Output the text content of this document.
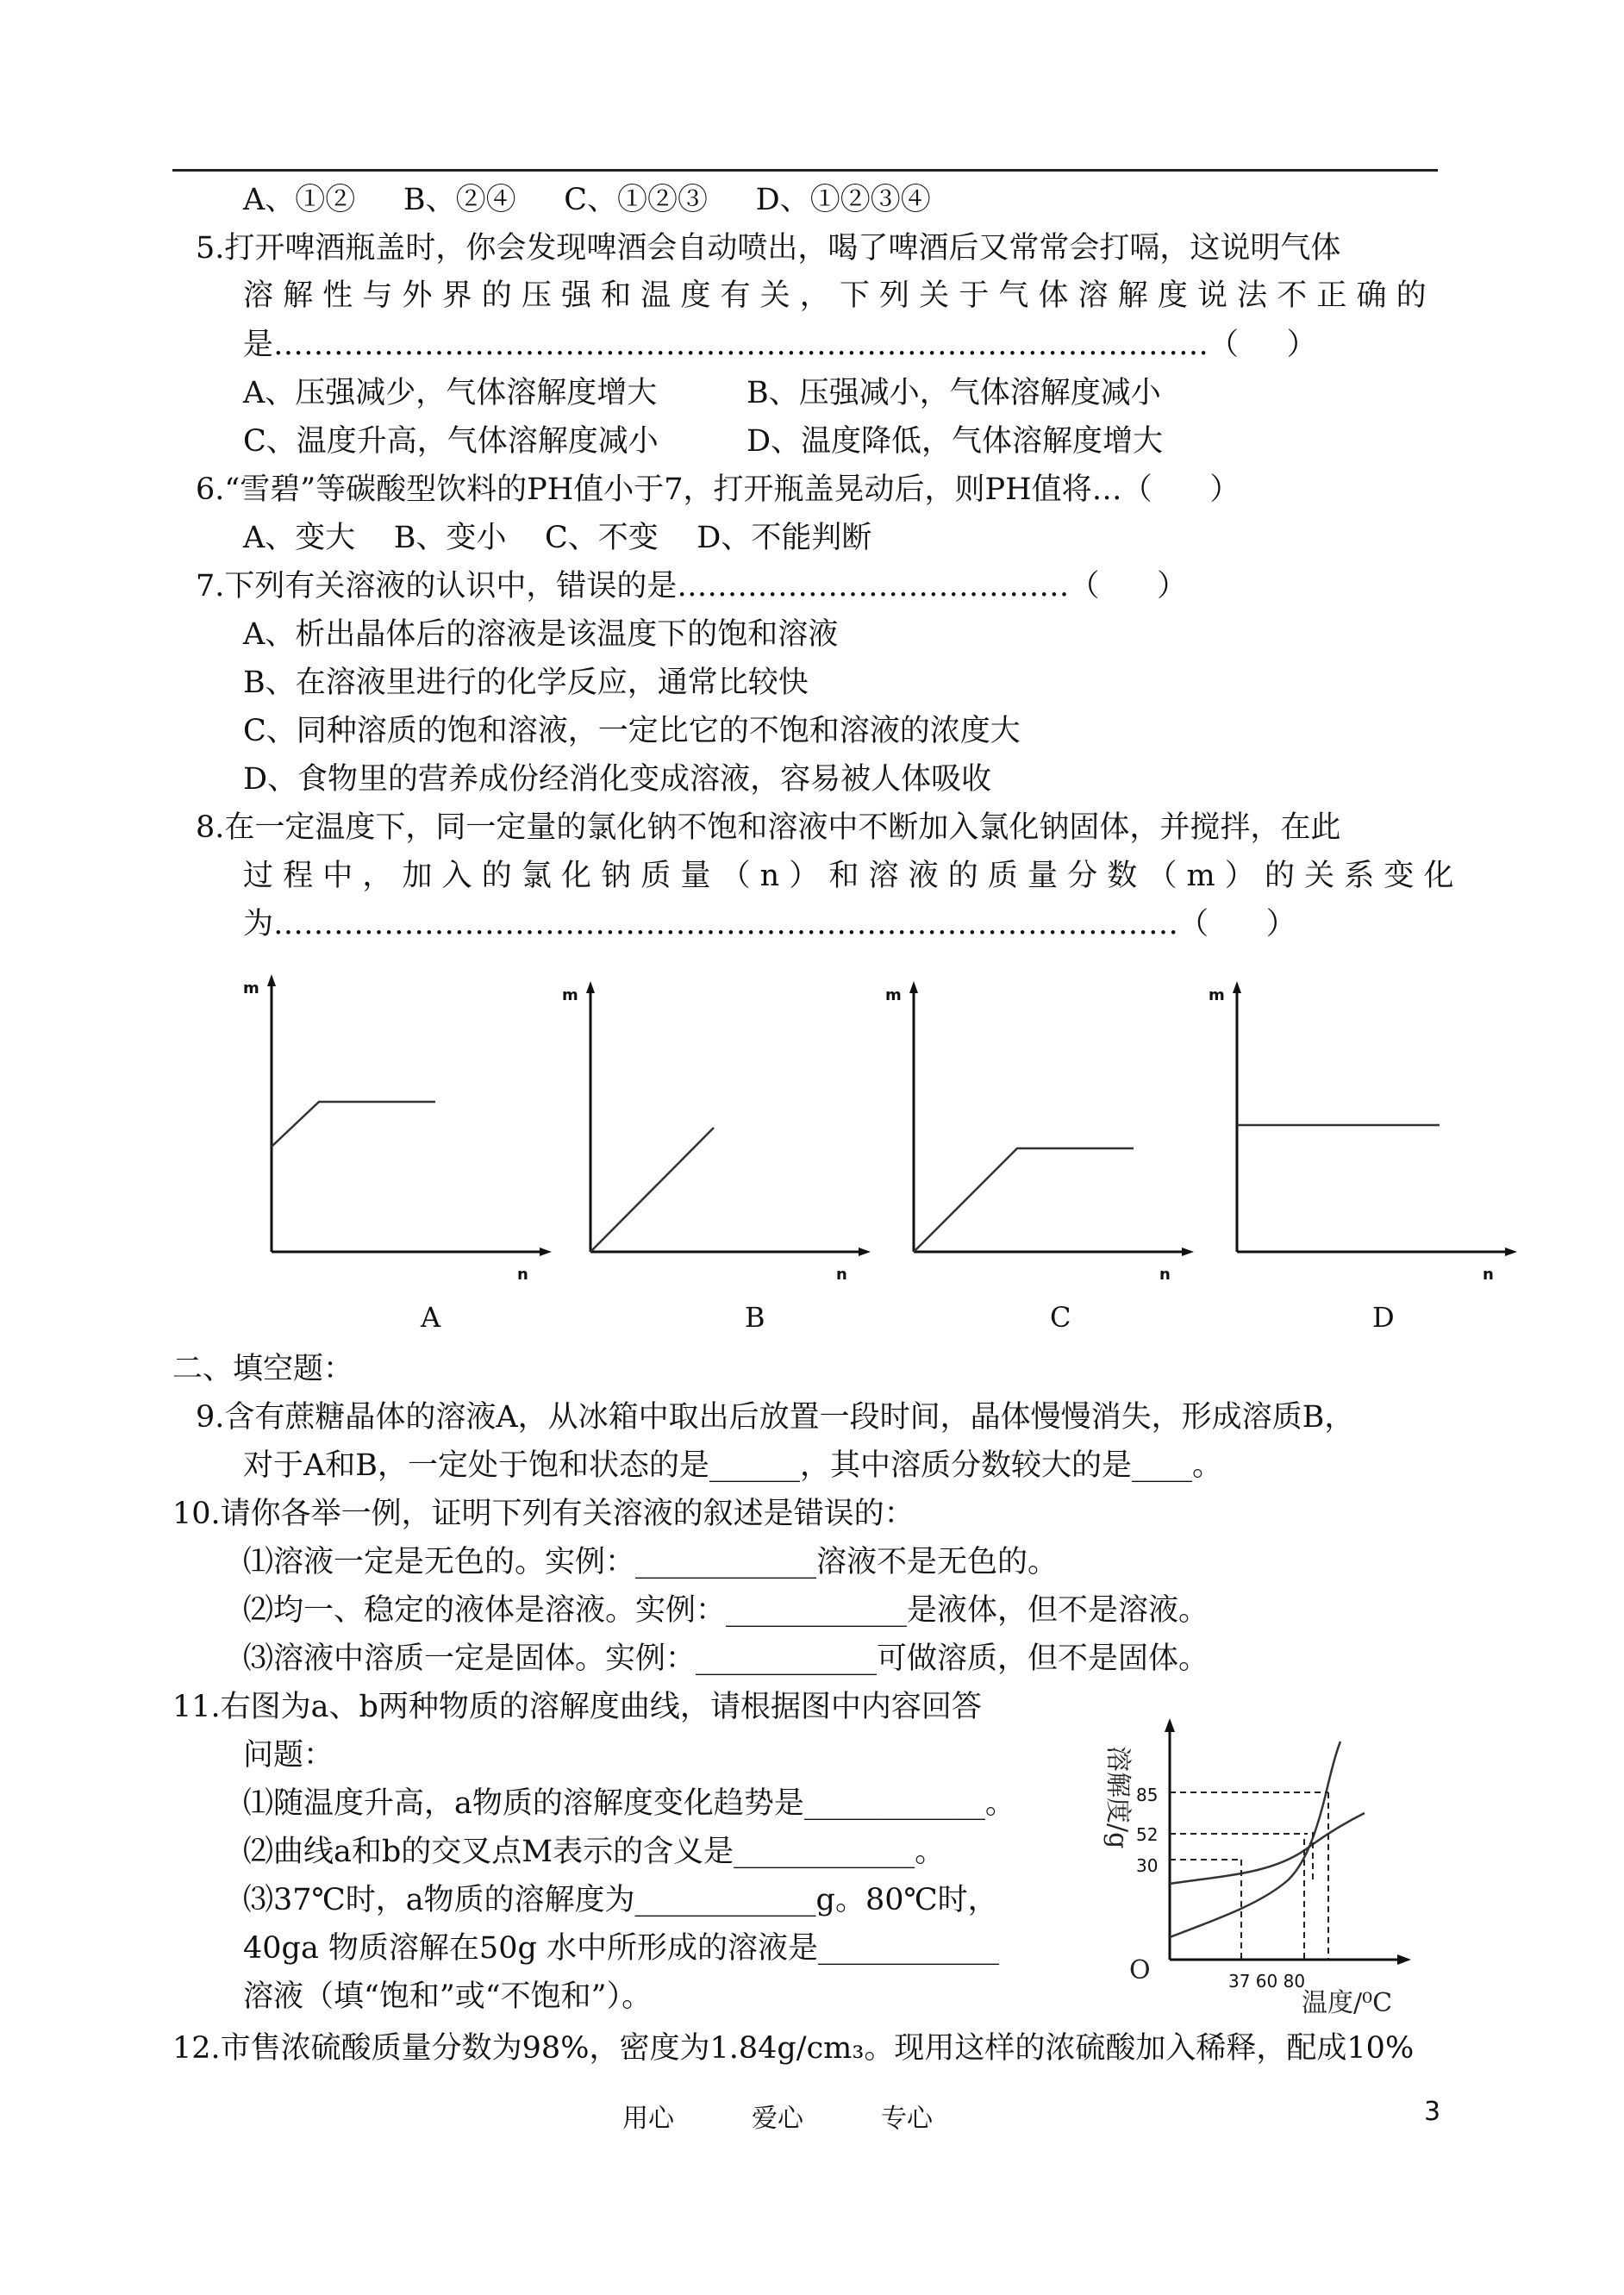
A、①②     B、②④     C、①②③     D、①②③④
5.打开啤酒瓶盖时，你会发现啤酒会自动喷出，喝了啤酒后又常常会打嗝，这说明气体
溶 解 性 与 外 界 的 压 强 和 温 度 有 关 ， 下 列 关 于 气 体 溶 解 度 说 法 不 正 确 的
是…………………………………………………………………………………（     ）
A、压强减少，气体溶解度增大	B、压强减小，气体溶解度减小
C、温度升高，气体溶解度减小	D、温度降低，气体溶解度增大
6.“雪碧”等碳酸型饮料的PH值小于7，打开瓶盖晃动后，则PH值将…（      ）
A、变大    B、变小    C、不变    D、不能判断
7.下列有关溶液的认识中，错误的是…………………………………（      ）
A、析出晶体后的溶液是该温度下的饱和溶液
B、在溶液里进行的化学反应，通常比较快
C、同种溶质的饱和溶液，一定比它的不饱和溶液的浓度大
D、食物里的营养成份经消化变成溶液，容易被人体吸收
8.在一定温度下，同一定量的氯化钠不饱和溶液中不断加入氯化钠固体，并搅拌，在此
过 程 中 ， 加 入 的 氯 化 钠 质 量 （ n ） 和 溶 液 的 质 量 分 数 （ m ） 的 关 系 变 化
为………………………………………………………………………………（      ）
m
n
A
m
n
B
m
n
C
m
n
D
二、填空题：
9.含有蔗糖晶体的溶液A，从冰箱中取出后放置一段时间，晶体慢慢消失，形成溶质B，
对于A和B，一定处于饱和状态的是______，其中溶质分数较大的是____。
10.请你各举一例，证明下列有关溶液的叙述是错误的：
⑴溶液一定是无色的。实例：____________溶液不是无色的。
⑵均一、稳定的液体是溶液。实例：____________是液体，但不是溶液。
⑶溶液中溶质一定是固体。实例：____________可做溶质，但不是固体。
11.右图为a、b两种物质的溶解度曲线，请根据图中内容回答
问题：
⑴随温度升高，a物质的溶解度变化趋势是____________。
⑵曲线a和b的交叉点M表示的含义是____________。
⑶37℃时，a物质的溶解度为____________g。80℃时，
40ga 物质溶解在50g 水中所形成的溶液是____________
溶液（填“饱和”或“不饱和”）。
85
52
30
37 60 80
O
温度/⁰C
溶解度/g
12.市售浓硫酸质量分数为98%，密度为1.84g/cm₃。现用这样的浓硫酸加入稀释，配成10%
用心	爱心	专心	3
